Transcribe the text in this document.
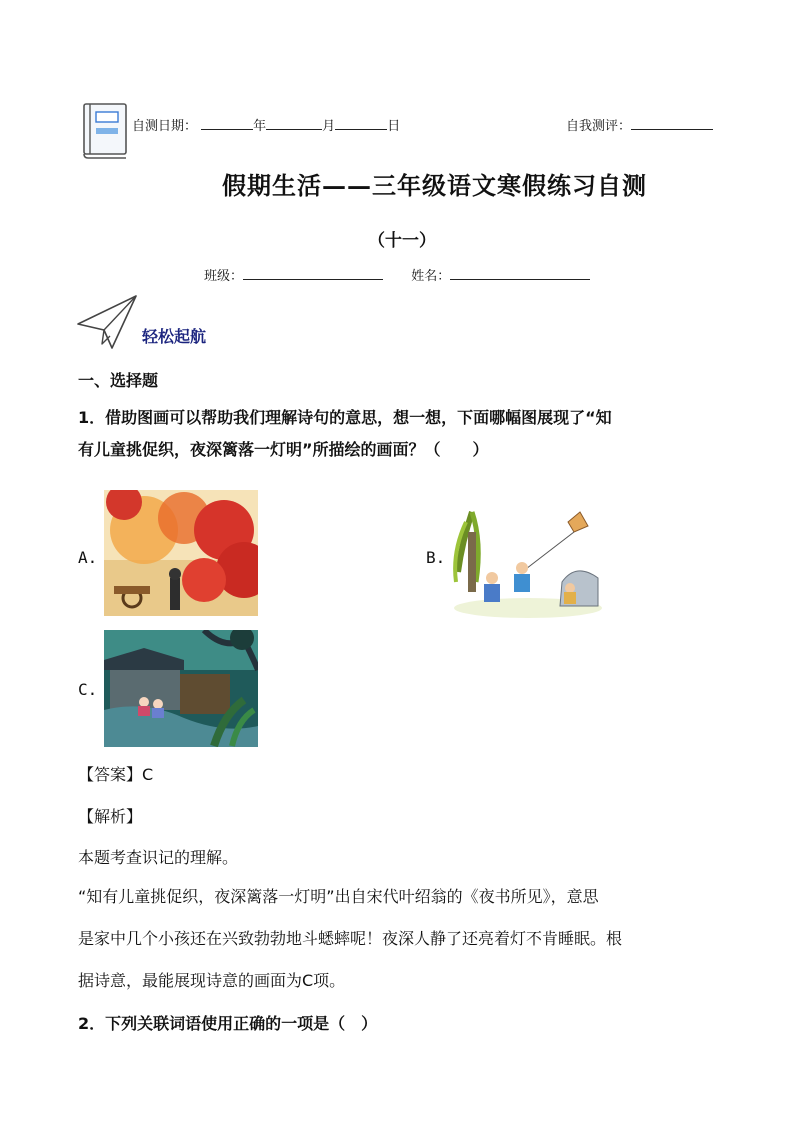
自测日期：	年	月	日	自我测评：
假期生活——三年级语文寒假练习自测
（十一）
班级：	姓名：
轻松起航
一、选择题
1．借助图画可以帮助我们理解诗句的意思，想一想，下面哪幅图展现了“知
有儿童挑促织，夜深篱落一灯明”所描绘的画面？（　　）
A.	B.
C.
【答案】C
【解析】
本题考查识记的理解。
“知有儿童挑促织，夜深篱落一灯明”出自宋代叶绍翁的《夜书所见》，意思
是家中几个小孩还在兴致勃勃地斗蟋蟀呢！夜深人静了还亮着灯不肯睡眠。根
据诗意，最能展现诗意的画面为C项。
2．下列关联词语使用正确的一项是（　）
